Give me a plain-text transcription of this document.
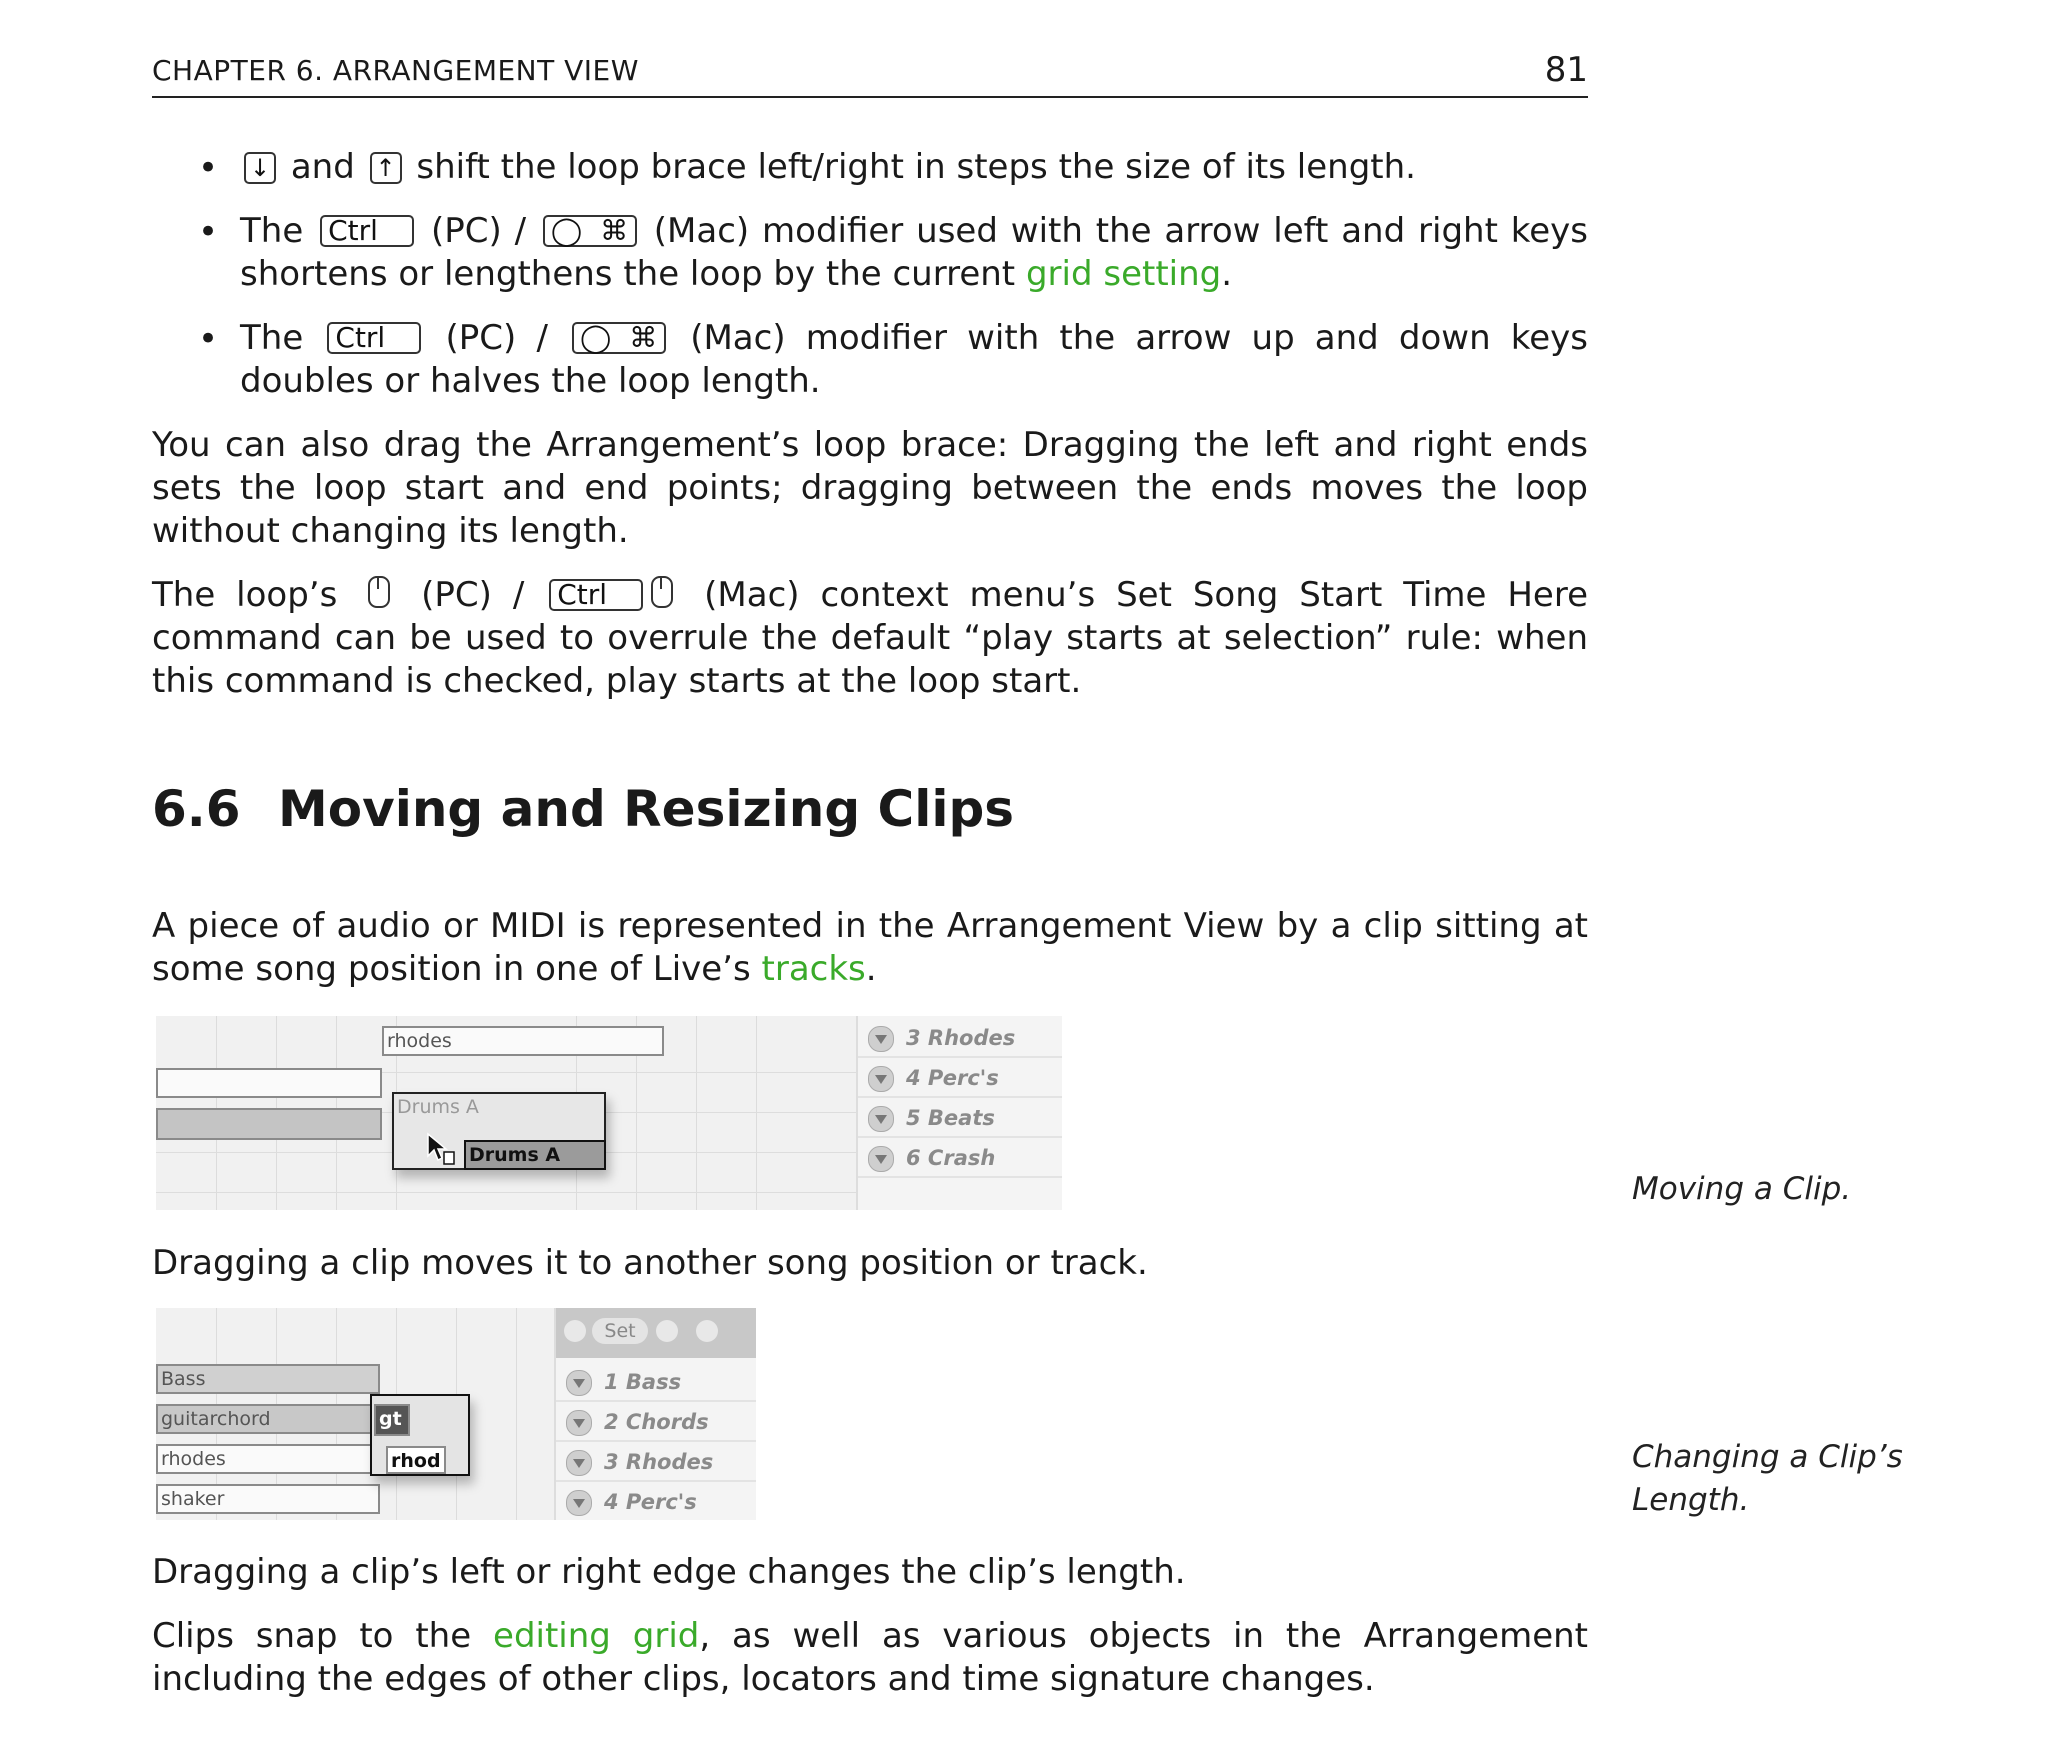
CHAPTER 6. ARRANGEMENT VIEW	81
•	↓ and ↑ shift the loop brace left/right in steps the size of its length.
• The Ctrl (PC) / ◯ ⌘ (Mac) modifier used with the arrow left and right keys shortens or lengthens the loop by the current grid setting.
• The Ctrl (PC) / ◯ ⌘ (Mac) modifier with the arrow up and down keys doubles or halves the loop length.
You can also drag the Arrangement’s loop brace: Dragging the left and right ends sets the loop start and end points; dragging between the ends moves the loop without changing its length.
The loop’s (PC) / Ctrl	(Mac) context menu’s Set Song Start Time Here command can be used to overrule the default “play starts at selection” rule: when this command is checked, play starts at the loop start.
6.6 Moving and Resizing Clips
A piece of audio or MIDI is represented in the Arrangement View by a clip sitting at some song position in one of Live’s tracks.
rhodes
Drums A
Drums A
3 Rhodes
4 Perc's
5 Beats
6 Crash
Moving a Clip.
Dragging a clip moves it to another song position or track.
Bass
guitarchord
rhodes
shaker
gt
rhod
Set
1 Bass
2 Chords
3 Rhodes
4 Perc's
Changing a Clip’s Length.
Dragging a clip’s left or right edge changes the clip’s length.
Clips snap to the editing grid, as well as various objects in the Arrangement including the edges of other clips, locators and time signature changes.
